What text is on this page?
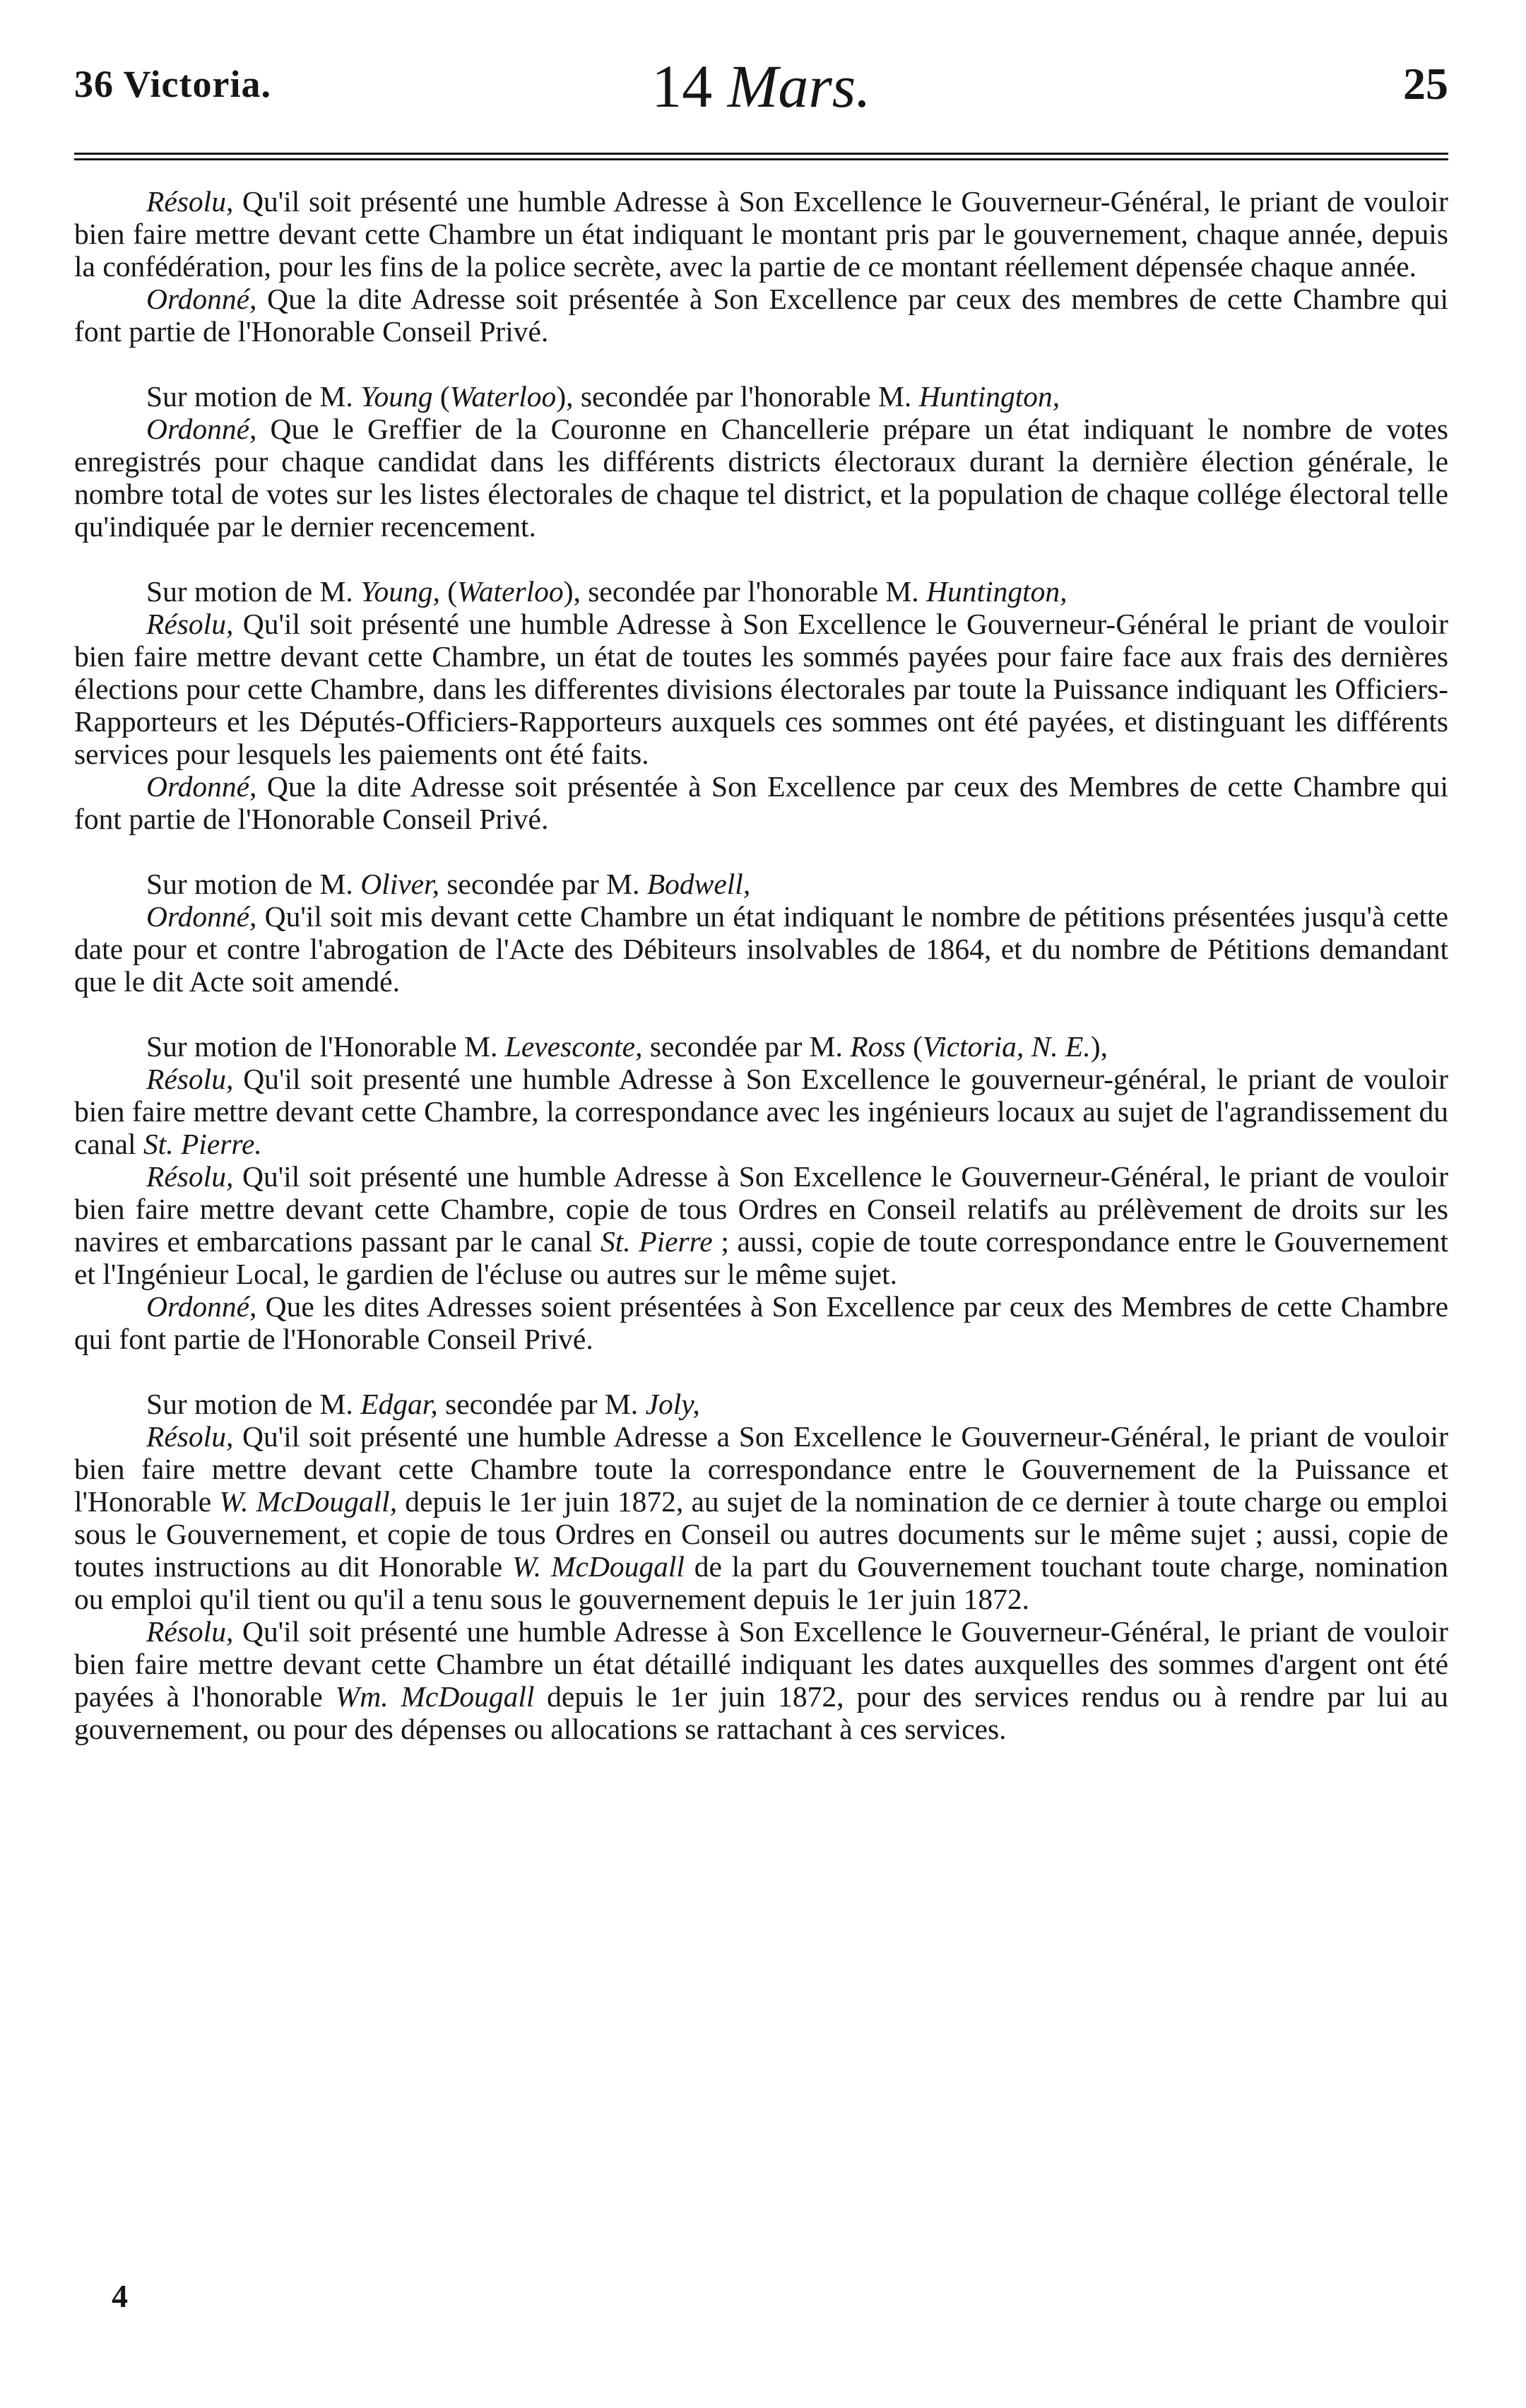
36 Victoria.	14 Mars.	25

Résolu, Qu'il soit présenté une humble Adresse à Son Excellence le Gouverneur-Général, le priant de vouloir bien faire mettre devant cette Chambre un état indiquant le montant pris par le gouvernement, chaque année, depuis la confédération, pour les fins de la police secrète, avec la partie de ce montant réellement dépensée chaque année.

Ordonné, Que la dite Adresse soit présentée à Son Excellence par ceux des membres de cette Chambre qui font partie de l'Honorable Conseil Privé.

Sur motion de M. Young (Waterloo), secondée par l'honorable M. Huntington,

Ordonné, Que le Greffier de la Couronne en Chancellerie prépare un état indiquant le nombre de votes enregistrés pour chaque candidat dans les différents districts électoraux durant la dernière élection générale, le nombre total de votes sur les listes électorales de chaque tel district, et la population de chaque collége électoral telle qu'indiquée par le dernier recencement.

Sur motion de M. Young, (Waterloo), secondée par l'honorable M. Huntington,

Résolu, Qu'il soit présenté une humble Adresse à Son Excellence le Gouverneur-Général le priant de vouloir bien faire mettre devant cette Chambre, un état de toutes les sommés payées pour faire face aux frais des dernières élections pour cette Chambre, dans les differentes divisions électorales par toute la Puissance indiquant les Officiers-Rapporteurs et les Députés-Officiers-Rapporteurs auxquels ces sommes ont été payées, et distinguant les différents services pour lesquels les paiements ont été faits.

Ordonné, Que la dite Adresse soit présentée à Son Excellence par ceux des Membres de cette Chambre qui font partie de l'Honorable Conseil Privé.

Sur motion de M. Oliver, secondée par M. Bodwell,

Ordonné, Qu'il soit mis devant cette Chambre un état indiquant le nombre de pétitions présentées jusqu'à cette date pour et contre l'abrogation de l'Acte des Débiteurs insolvables de 1864, et du nombre de Pétitions demandant que le dit Acte soit amendé.

Sur motion de l'Honorable M. Levesconte, secondée par M. Ross (Victoria, N. E.),

Résolu, Qu'il soit presenté une humble Adresse à Son Excellence le gouverneur-général, le priant de vouloir bien faire mettre devant cette Chambre, la correspondance avec les ingénieurs locaux au sujet de l'agrandissement du canal St. Pierre.

Résolu, Qu'il soit présenté une humble Adresse à Son Excellence le Gouverneur-Général, le priant de vouloir bien faire mettre devant cette Chambre, copie de tous Ordres en Conseil relatifs au prélèvement de droits sur les navires et embarcations passant par le canal St. Pierre ; aussi, copie de toute correspondance entre le Gouvernement et l'Ingénieur Local, le gardien de l'écluse ou autres sur le même sujet.

Ordonné, Que les dites Adresses soient présentées à Son Excellence par ceux des Membres de cette Chambre qui font partie de l'Honorable Conseil Privé.

Sur motion de M. Edgar, secondée par M. Joly,

Résolu, Qu'il soit présenté une humble Adresse a Son Excellence le Gouverneur-Général, le priant de vouloir bien faire mettre devant cette Chambre toute la correspondance entre le Gouvernement de la Puissance et l'Honorable W. McDougall, depuis le 1er juin 1872, au sujet de la nomination de ce dernier à toute charge ou emploi sous le Gouvernement, et copie de tous Ordres en Conseil ou autres documents sur le même sujet ; aussi, copie de toutes instructions au dit Honorable W. McDougall de la part du Gouvernement touchant toute charge, nomination ou emploi qu'il tient ou qu'il a tenu sous le gouvernement depuis le 1er juin 1872.

Résolu, Qu'il soit présenté une humble Adresse à Son Excellence le Gouverneur-Général, le priant de vouloir bien faire mettre devant cette Chambre un état détaillé indiquant les dates auxquelles des sommes d'argent ont été payées à l'honorable Wm. McDougall depuis le 1er juin 1872, pour des services rendus ou à rendre par lui au gouvernement, ou pour des dépenses ou allocations se rattachant à ces services.

4
